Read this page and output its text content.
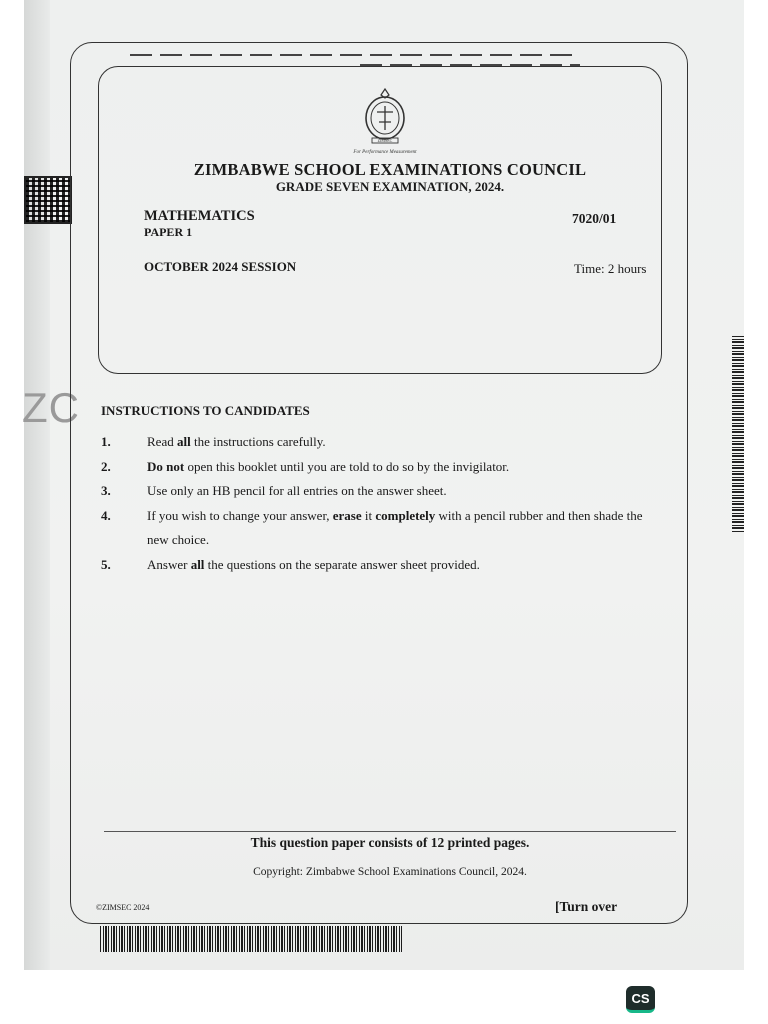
ZC
ZIMSEC
For Performance Measurement
ZIMBABWE SCHOOL EXAMINATIONS COUNCIL
GRADE SEVEN EXAMINATION, 2024.
MATHEMATICS
PAPER 1
7020/01
OCTOBER 2024 SESSION	Time: 2 hours
INSTRUCTIONS TO CANDIDATES
1.	Read all the instructions carefully.
2.	Do not open this booklet until you are told to do so by the invigilator.
3.	Use only an HB pencil for all entries on the answer sheet.
4.	If you wish to change your answer, erase it completely with a pencil rubber and then shade the new choice.
5.	Answer all the questions on the separate answer sheet provided.
This question paper consists of 12 printed pages.
Copyright: Zimbabwe School Examinations Council, 2024.
©ZIMSEC 2024	[Turn over
CS
